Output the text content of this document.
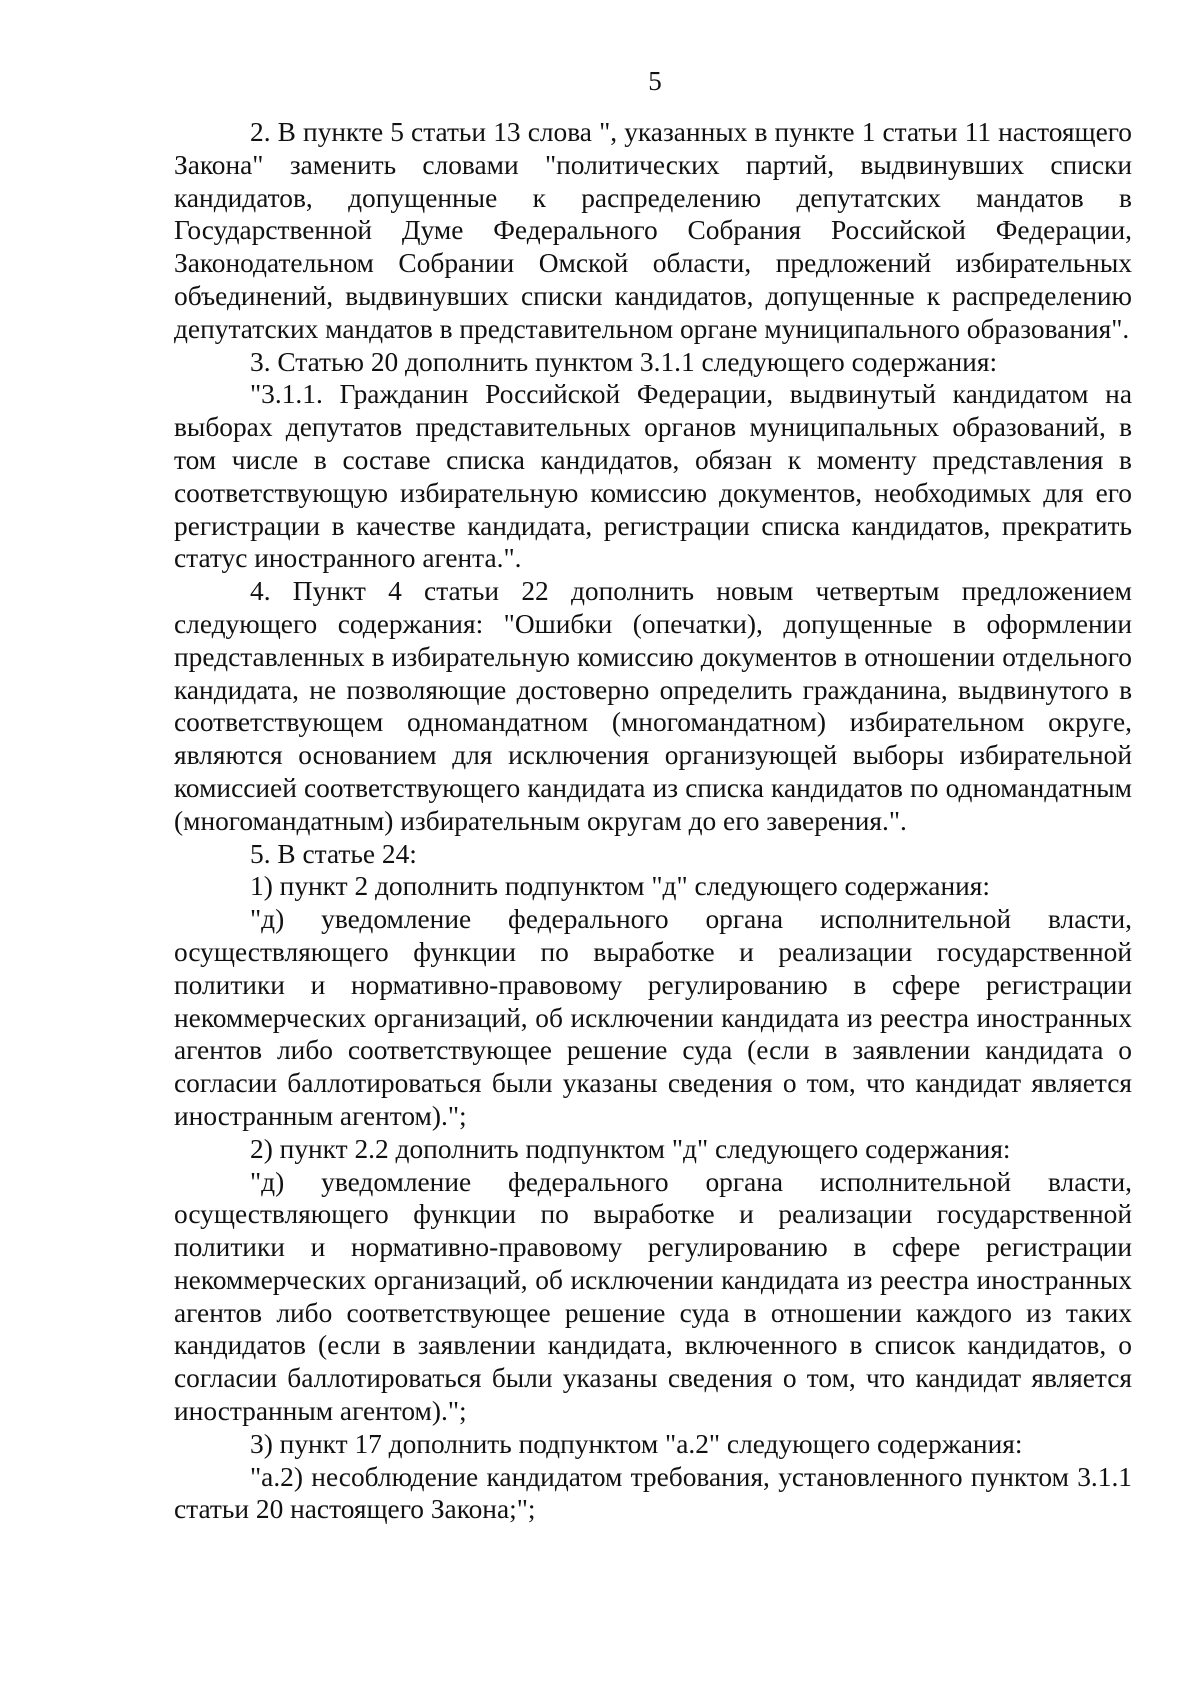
5

2. В пункте 5 статьи 13 слова ", указанных в пункте 1 статьи 11 настоящего Закона" заменить словами "политических партий, выдвинувших списки кандидатов, допущенные к распределению депутатских мандатов в Государственной Думе Федерального Собрания Российской Федерации, Законодательном Собрании Омской области, предложений избирательных объединений, выдвинувших списки кандидатов, допущенные к распределению депутатских мандатов в представительном органе муниципального образования".

3. Статью 20 дополнить пунктом 3.1.1 следующего содержания:

"3.1.1. Гражданин Российской Федерации, выдвинутый кандидатом на выборах депутатов представительных органов муниципальных образований, в том числе в составе списка кандидатов, обязан к моменту представления в соответствующую избирательную комиссию документов, необходимых для его регистрации в качестве кандидата, регистрации списка кандидатов, прекратить статус иностранного агента.".

4. Пункт 4 статьи 22 дополнить новым четвертым предложением следующего содержания: "Ошибки (опечатки), допущенные в оформлении представленных в избирательную комиссию документов в отношении отдельного кандидата, не позволяющие достоверно определить гражданина, выдвинутого в соответствующем одномандатном (многомандатном) избирательном округе, являются основанием для исключения организующей выборы избирательной комиссией соответствующего кандидата из списка кандидатов по одномандатным (многомандатным) избирательным округам до его заверения.".

5. В статье 24:

1) пункт 2 дополнить подпунктом "д" следующего содержания:

"д) уведомление федерального органа исполнительной власти, осуществляющего функции по выработке и реализации государственной политики и нормативно-правовому регулированию в сфере регистрации некоммерческих организаций, об исключении кандидата из реестра иностранных агентов либо соответствующее решение суда (если в заявлении кандидата о согласии баллотироваться были указаны сведения о том, что кандидат является иностранным агентом).";

2) пункт 2.2 дополнить подпунктом "д" следующего содержания:

"д) уведомление федерального органа исполнительной власти, осуществляющего функции по выработке и реализации государственной политики и нормативно-правовому регулированию в сфере регистрации некоммерческих организаций, об исключении кандидата из реестра иностранных агентов либо соответствующее решение суда в отношении каждого из таких кандидатов (если в заявлении кандидата, включенного в список кандидатов, о согласии баллотироваться были указаны сведения о том, что кандидат является иностранным агентом).";

3) пункт 17 дополнить подпунктом "а.2" следующего содержания:

"а.2) несоблюдение кандидатом требования, установленного пунктом 3.1.1 статьи 20 настоящего Закона;";
